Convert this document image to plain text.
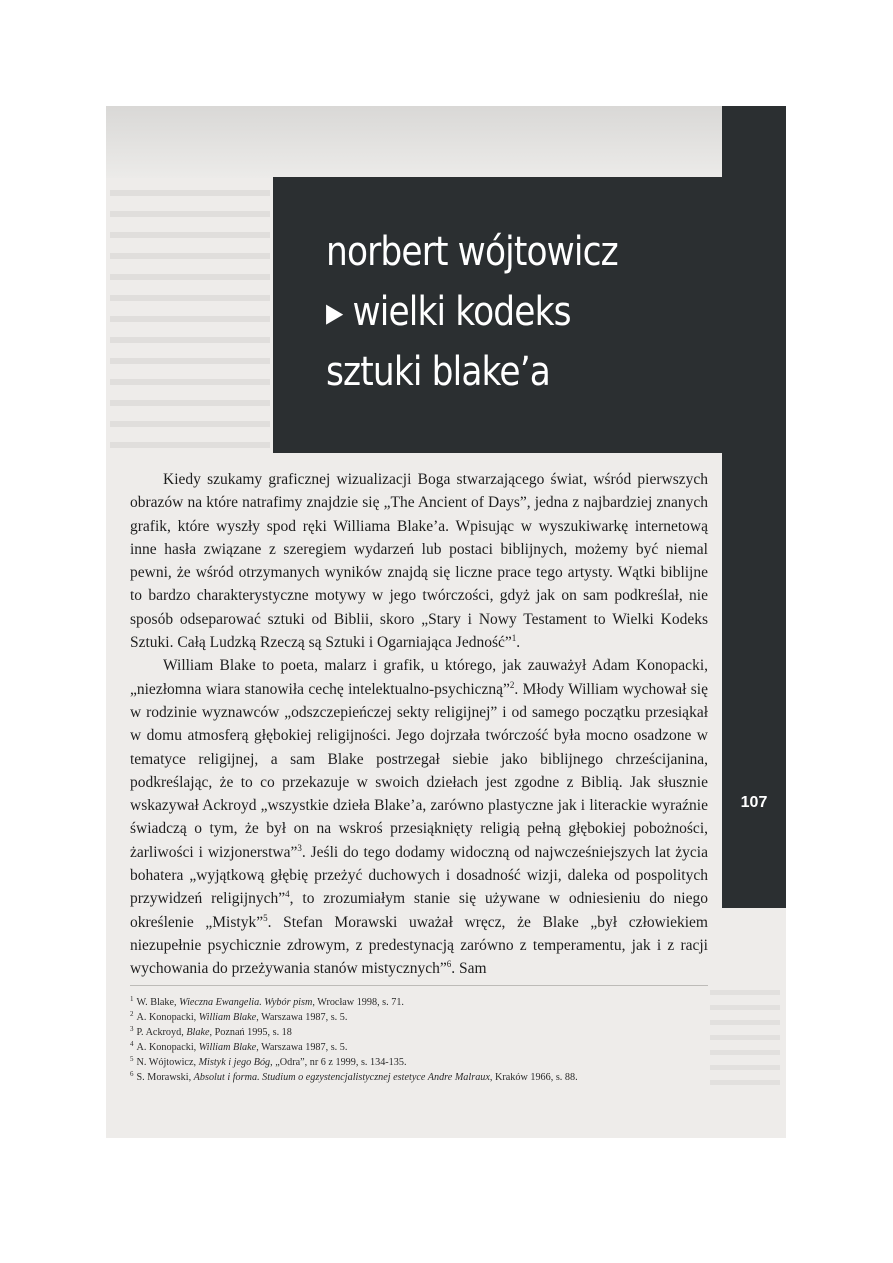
norbert wójtowicz
▸ wielki kodeks
sztuki blake’a
107

Kiedy szukamy graficznej wizualizacji Boga stwarzającego świat, wśród pierwszych obrazów na które natrafimy znajdzie się „The Ancient of Days”, jedna z najbardziej znanych grafik, które wyszły spod ręki Williama Blake’a. Wpisując w wyszukiwarkę internetową inne hasła związane z szeregiem wydarzeń lub postaci biblijnych, możemy być niemal pewni, że wśród otrzymanych wyników znajdą się liczne prace tego artysty. Wątki biblijne to bardzo charakterystyczne motywy w jego twórczości, gdyż jak on sam podkreślał, nie sposób odseparować sztuki od Biblii, skoro „Stary i Nowy Testament to Wielki Kodeks Sztuki. Całą Ludzką Rzeczą są Sztuki i Ogarniająca Jedność”$^1$.

William Blake to poeta, malarz i grafik, u którego, jak zauważył Adam Konopacki, „niezłomna wiara stanowiła cechę intelektualno-psychiczną”$^2$. Młody William wychował się w rodzinie wyznawców „odszczepieńczej sekty religijnej” i od samego początku przesiąkał w domu atmosferą głębokiej religijności. Jego dojrzała twórczość była mocno osadzone w tematyce religijnej, a sam Blake postrzegał siebie jako biblijnego chrześcijanina, podkreślając, że to co przekazuje w swoich dziełach jest zgodne z Biblią. Jak słusznie wskazywał Ackroyd „wszystkie dzieła Blake’a, zarówno plastyczne jak i literackie wyraźnie świadczą o tym, że był on na wskroś przesiąknięty religią pełną głębokiej pobożności, żarliwości i wizjonerstwa”$^3$. Jeśli do tego dodamy widoczną od najwcześniejszych lat życia bohatera „wyjątkową głębię przeżyć duchowych i dosadność wizji, daleka od pospolitych przywidzeń religijnych”$^4$, to zrozumiałym stanie się używane w odniesieniu do niego określenie „Mistyk”$^5$. Stefan Morawski uważał wręcz, że Blake „był człowiekiem niezupełnie psychicznie zdrowym, z predestynacją zarówno z temperamentu, jak i z racji wychowania do przeżywania stanów mistycznych”$^6$. Sam

$^1$ W. Blake, Wieczna Ewangelia. Wybór pism, Wrocław 1998, s. 71.
$^2$ A. Konopacki, William Blake, Warszawa 1987, s. 5.
$^3$ P. Ackroyd, Blake, Poznań 1995, s. 18
$^4$ A. Konopacki, William Blake, Warszawa 1987, s. 5.
$^5$ N. Wójtowicz, Mistyk i jego Bóg, „Odra”, nr 6 z 1999, s. 134-135.
$^6$ S. Morawski, Absolut i forma. Studium o egzystencjalistycznej estetyce Andre Malraux, Kraków 1966, s. 88.
